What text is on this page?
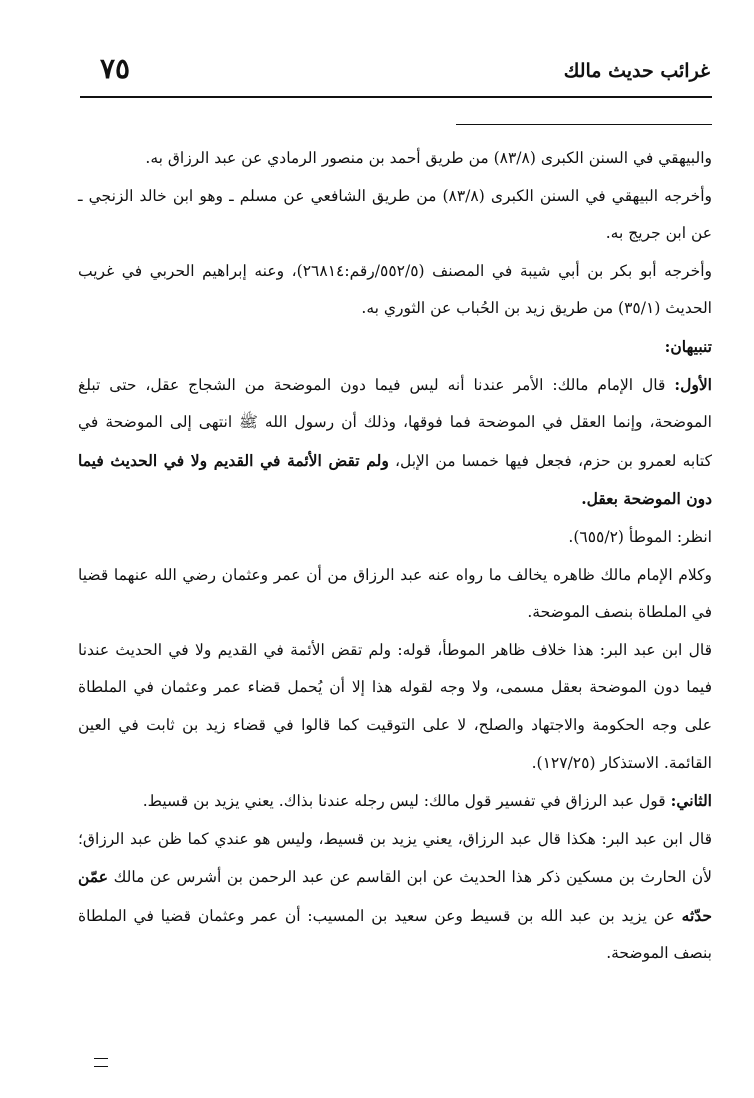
٧٥	غرائب حديث مالك

والبيهقي في السنن الكبرى (٨٣/٨) من طريق أحمد بن منصور الرمادي عن عبد الرزاق به.

وأخرجه البيهقي في السنن الكبرى (٨٣/٨) من طريق الشافعي عن مسلم ـ وهو ابن خالد الزنجي ـ عن ابن جريج به.

وأخرجه أبو بكر بن أبي شيبة في المصنف (٥٥٢/٥/رقم:٢٦٨١٤)، وعنه إبراهيم الحربي في غريب الحديث (٣٥/١) من طريق زيد بن الحُباب عن الثوري به.

تنبيهان:

الأول: قال الإمام مالك: الأمر عندنا أنه ليس فيما دون الموضحة من الشجاج عقل، حتى تبلغ الموضحة، وإنما العقل في الموضحة فما فوقها، وذلك أن رسول الله ﷺ انتهى إلى الموضحة في كتابه لعمرو بن حزم، فجعل فيها خمسا من الإبل، ولم تقض الأئمة في القديم ولا في الحديث فيما دون الموضحة بعقل.

انظر: الموطأ (٦٥٥/٢).

وكلام الإمام مالك ظاهره يخالف ما رواه عنه عبد الرزاق من أن عمر وعثمان رضي الله عنهما قضيا في الملطاة بنصف الموضحة.

قال ابن عبد البر: هذا خلاف ظاهر الموطأ، قوله: ولم تقض الأئمة في القديم ولا في الحديث عندنا فيما دون الموضحة بعقل مسمى، ولا وجه لقوله هذا إلا أن يُحمل قضاء عمر وعثمان في الملطاة على وجه الحكومة والاجتهاد والصلح، لا على التوقيت كما قالوا في قضاء زيد بن ثابت في العين القائمة. الاستذكار (١٢٧/٢٥).

الثاني: قول عبد الرزاق في تفسير قول مالك: ليس رجله عندنا بذاك. يعني يزيد بن قسيط.

قال ابن عبد البر: هكذا قال عبد الرزاق، يعني يزيد بن قسيط، وليس هو عندي كما ظن عبد الرزاق؛ لأن الحارث بن مسكين ذكر هذا الحديث عن ابن القاسم عن عبد الرحمن بن أشرس عن مالك عمّن حدّثه عن يزيد بن عبد الله بن قسيط وعن سعيد بن المسيب: أن عمر وعثمان قضيا في الملطاة بنصف الموضحة.
